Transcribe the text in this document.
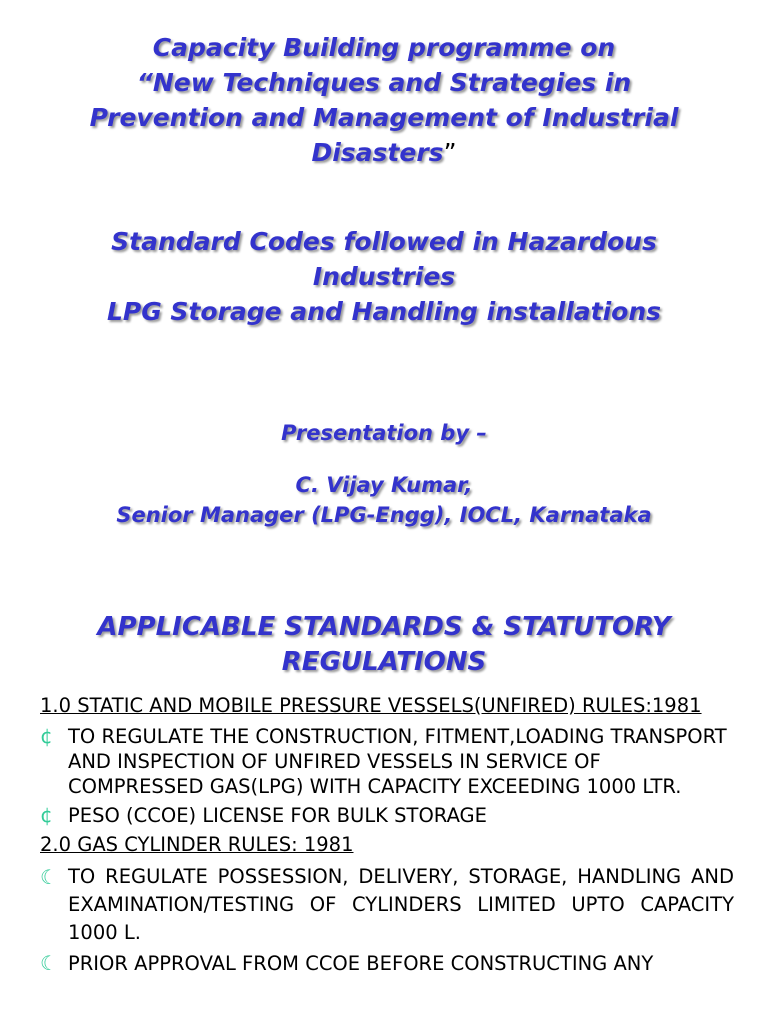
Capacity Building programme on
“New Techniques and Strategies in
Prevention and Management of Industrial
Disasters”
Standard Codes followed in Hazardous
Industries
LPG Storage and Handling installations
Presentation by –
C. Vijay Kumar,
Senior Manager (LPG-Engg), IOCL, Karnataka
APPLICABLE STANDARDS & STATUTORY
REGULATIONS

1.0 STATIC AND MOBILE PRESSURE VESSELS(UNFIRED) RULES:1981

¢ TO REGULATE THE CONSTRUCTION, FITMENT,LOADING TRANSPORT AND INSPECTION OF UNFIRED VESSELS IN SERVICE OF COMPRESSED GAS(LPG) WITH CAPACITY EXCEEDING 1000 LTR.
¢ PESO (CCOE) LICENSE FOR BULK STORAGE

2.0 GAS CYLINDER RULES: 1981

☾ TO REGULATE POSSESSION, DELIVERY, STORAGE, HANDLING AND EXAMINATION/TESTING OF CYLINDERS LIMITED UPTO CAPACITY 1000 L.
☾ PRIOR APPROVAL FROM CCOE BEFORE CONSTRUCTING ANY
